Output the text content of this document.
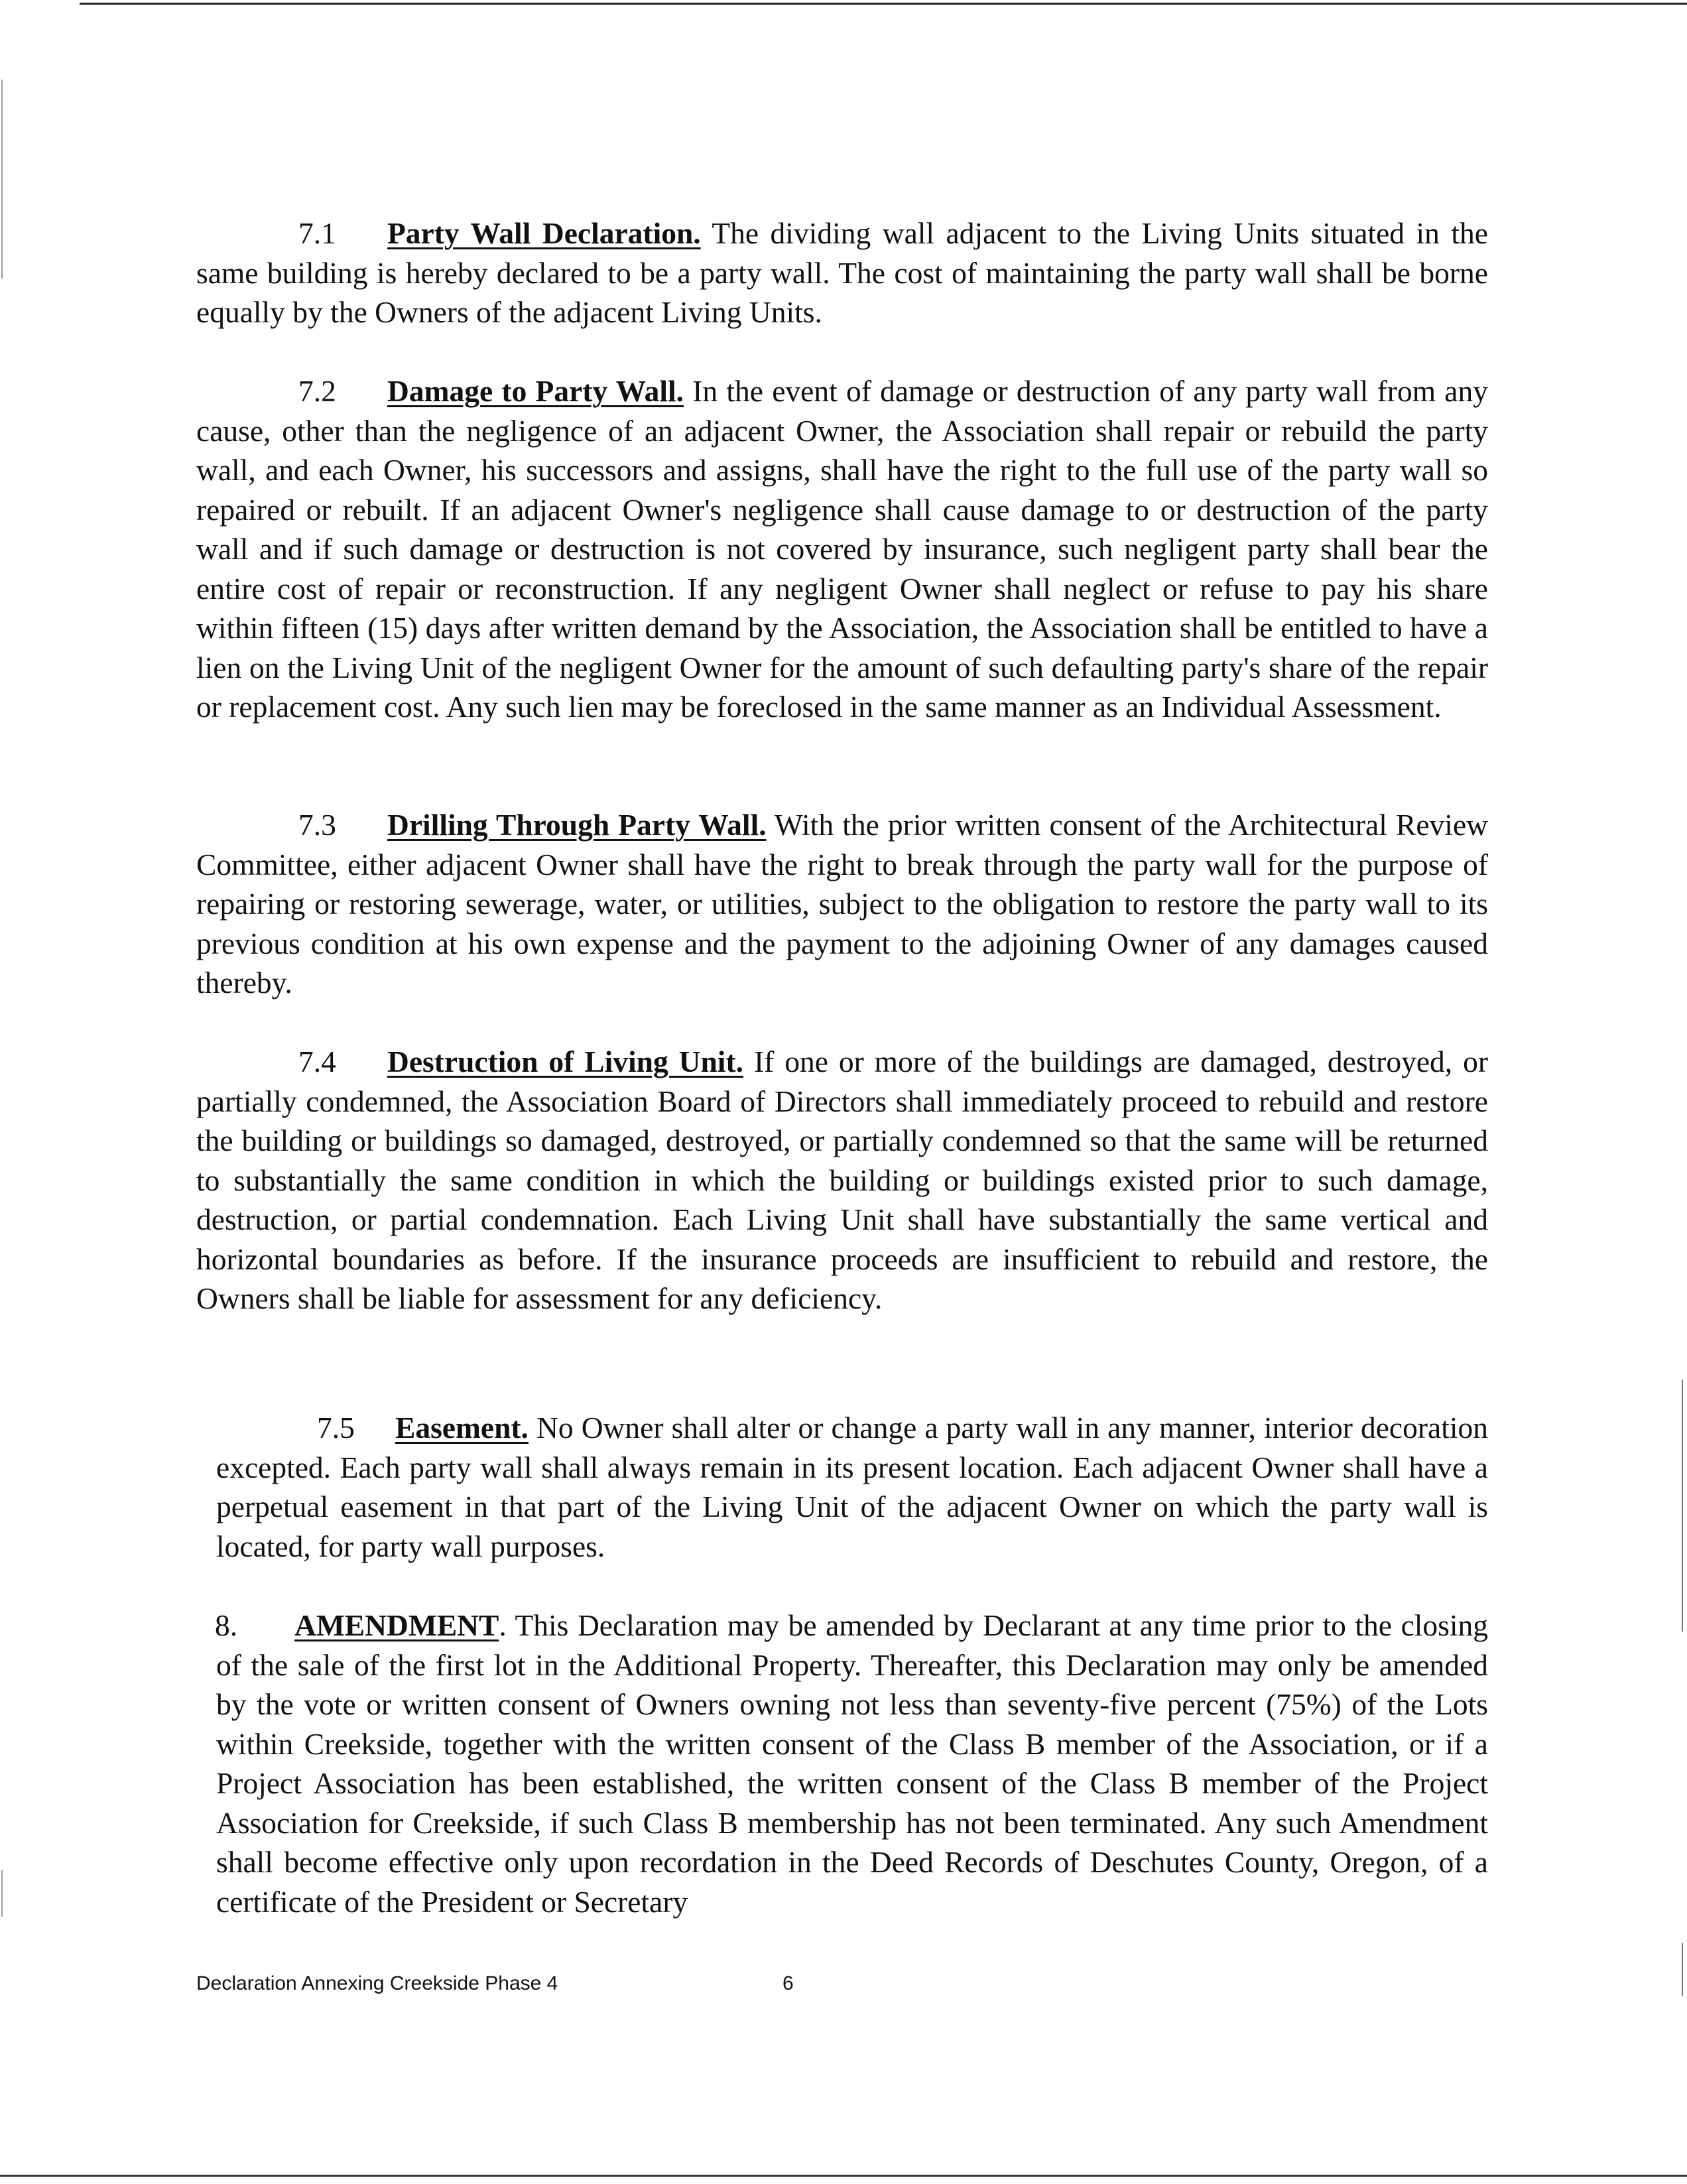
7.1 Party Wall Declaration. The dividing wall adjacent to the Living Units situated in the same building is hereby declared to be a party wall. The cost of maintaining the party wall shall be borne equally by the Owners of the adjacent Living Units.

7.2 Damage to Party Wall. In the event of damage or destruction of any party wall from any cause, other than the negligence of an adjacent Owner, the Association shall repair or rebuild the party wall, and each Owner, his successors and assigns, shall have the right to the full use of the party wall so repaired or rebuilt. If an adjacent Owner's negligence shall cause damage to or destruction of the party wall and if such damage or destruction is not covered by insurance, such negligent party shall bear the entire cost of repair or reconstruction. If any negligent Owner shall neglect or refuse to pay his share within fifteen (15) days after written demand by the Association, the Association shall be entitled to have a lien on the Living Unit of the negligent Owner for the amount of such defaulting party's share of the repair or replacement cost. Any such lien may be foreclosed in the same manner as an Individual Assessment.

7.3 Drilling Through Party Wall. With the prior written consent of the Architectural Review Committee, either adjacent Owner shall have the right to break through the party wall for the purpose of repairing or restoring sewerage, water, or utilities, subject to the obligation to restore the party wall to its previous condition at his own expense and the payment to the adjoining Owner of any damages caused thereby.

7.4 Destruction of Living Unit. If one or more of the buildings are damaged, destroyed, or partially condemned, the Association Board of Directors shall immediately proceed to rebuild and restore the building or buildings so damaged, destroyed, or partially condemned so that the same will be returned to substantially the same condition in which the building or buildings existed prior to such damage, destruction, or partial condemnation. Each Living Unit shall have substantially the same vertical and horizontal boundaries as before. If the insurance proceeds are insufficient to rebuild and restore, the Owners shall be liable for assessment for any deficiency.

7.5 Easement. No Owner shall alter or change a party wall in any manner, interior decoration excepted. Each party wall shall always remain in its present location. Each adjacent Owner shall have a perpetual easement in that part of the Living Unit of the adjacent Owner on which the party wall is located, for party wall purposes.

8. AMENDMENT. This Declaration may be amended by Declarant at any time prior to the closing of the sale of the first lot in the Additional Property. Thereafter, this Declaration may only be amended by the vote or written consent of Owners owning not less than seventy-five percent (75%) of the Lots within Creekside, together with the written consent of the Class B member of the Association, or if a Project Association has been established, the written consent of the Class B member of the Project Association for Creekside, if such Class B membership has not been terminated. Any such Amendment shall become effective only upon recordation in the Deed Records of Deschutes County, Oregon, of a certificate of the President or Secretary

Declaration Annexing Creekside Phase 4	6
